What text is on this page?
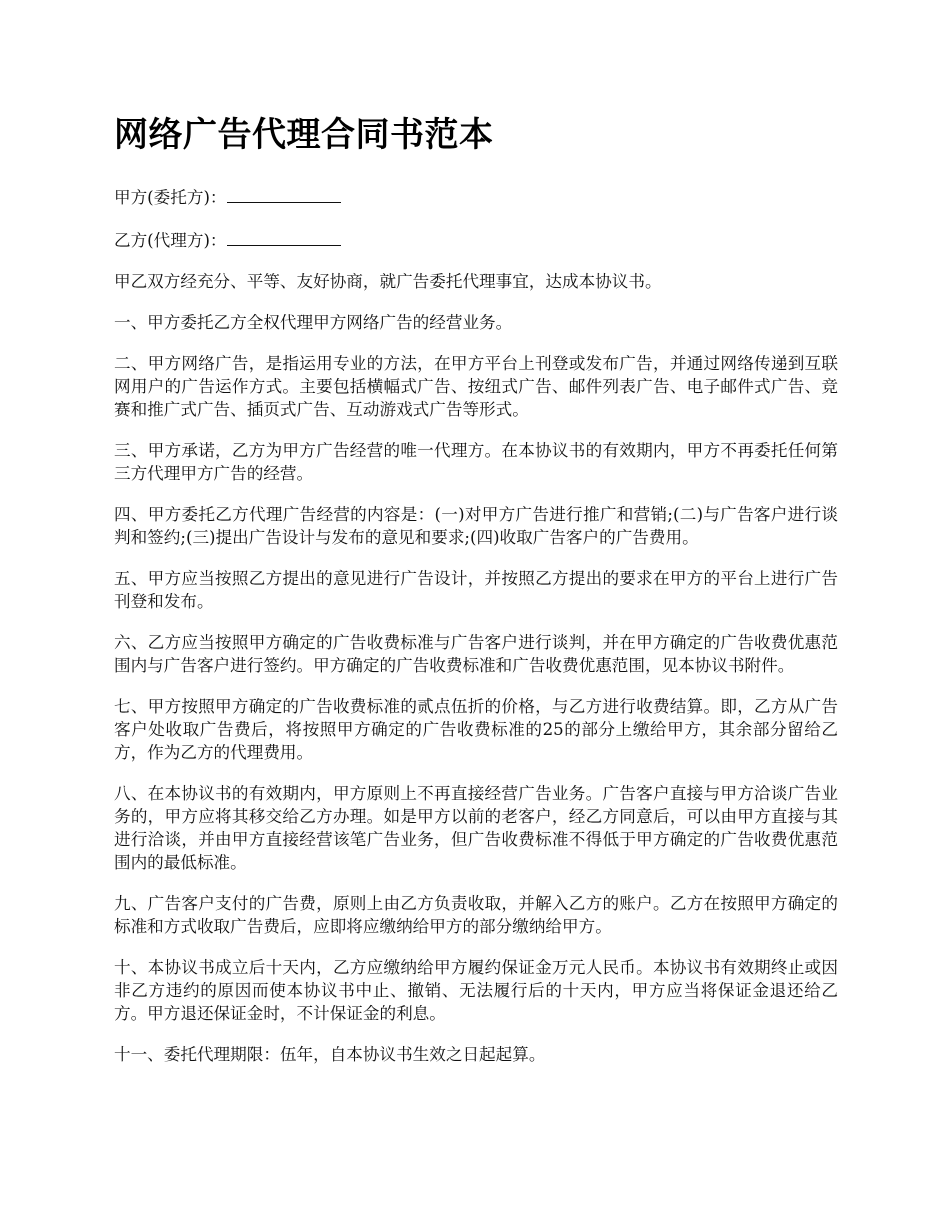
网络广告代理合同书范本

甲方(委托方)：

乙方(代理方)：

甲乙双方经充分、平等、友好协商，就广告委托代理事宜，达成本协议书。

一、甲方委托乙方全权代理甲方网络广告的经营业务。

二、甲方网络广告，是指运用专业的方法，在甲方平台上刊登或发布广告，并通过网络传递到互联网用户的广告运作方式。主要包括横幅式广告、按纽式广告、邮件列表广告、电子邮件式广告、竞赛和推广式广告、插页式广告、互动游戏式广告等形式。

三、甲方承诺，乙方为甲方广告经营的唯一代理方。在本协议书的有效期内，甲方不再委托任何第三方代理甲方广告的经营。

四、甲方委托乙方代理广告经营的内容是：(一)对甲方广告进行推广和营销;(二)与广告客户进行谈判和签约;(三)提出广告设计与发布的意见和要求;(四)收取广告客户的广告费用。

五、甲方应当按照乙方提出的意见进行广告设计，并按照乙方提出的要求在甲方的平台上进行广告刊登和发布。

六、乙方应当按照甲方确定的广告收费标准与广告客户进行谈判，并在甲方确定的广告收费优惠范围内与广告客户进行签约。甲方确定的广告收费标准和广告收费优惠范围，见本协议书附件。

七、甲方按照甲方确定的广告收费标准的贰点伍折的价格，与乙方进行收费结算。即，乙方从广告客户处收取广告费后，将按照甲方确定的广告收费标准的25的部分上缴给甲方，其余部分留给乙方，作为乙方的代理费用。

八、在本协议书的有效期内，甲方原则上不再直接经营广告业务。广告客户直接与甲方洽谈广告业务的，甲方应将其移交给乙方办理。如是甲方以前的老客户，经乙方同意后，可以由甲方直接与其进行洽谈，并由甲方直接经营该笔广告业务，但广告收费标准不得低于甲方确定的广告收费优惠范围内的最低标准。

九、广告客户支付的广告费，原则上由乙方负责收取，并解入乙方的账户。乙方在按照甲方确定的标准和方式收取广告费后，应即将应缴纳给甲方的部分缴纳给甲方。

十、本协议书成立后十天内，乙方应缴纳给甲方履约保证金万元人民币。本协议书有效期终止或因非乙方违约的原因而使本协议书中止、撤销、无法履行后的十天内，甲方应当将保证金退还给乙方。甲方退还保证金时，不计保证金的利息。

十一、委托代理期限：伍年，自本协议书生效之日起起算。
